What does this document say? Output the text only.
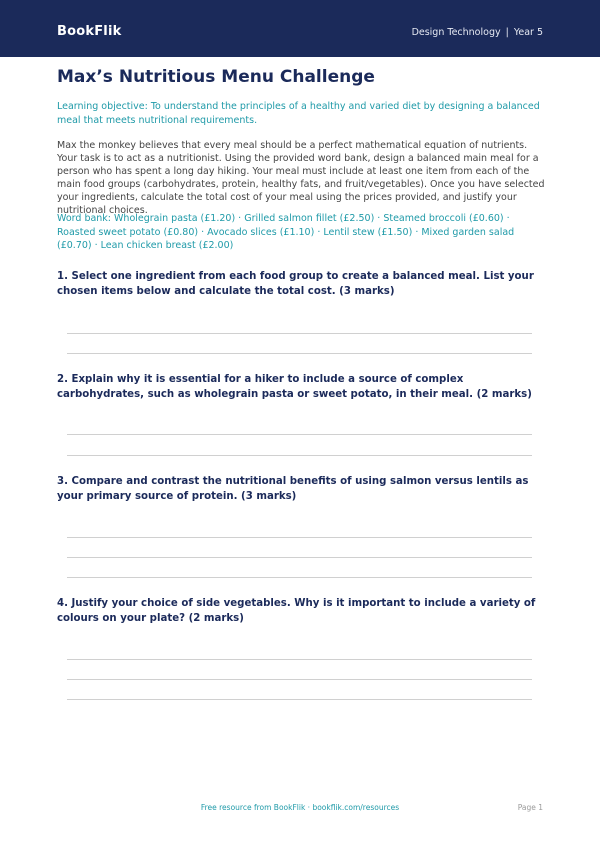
BookFlik	Design Technology | Year 5
Max’s Nutritious Menu Challenge

Learning objective: To understand the principles of a healthy and varied diet by designing a balanced meal that meets nutritional requirements.

Max the monkey believes that every meal should be a perfect mathematical equation of nutrients. Your task is to act as a nutritionist. Using the provided word bank, design a balanced main meal for a person who has spent a long day hiking. Your meal must include at least one item from each of the main food groups (carbohydrates, protein, healthy fats, and fruit/vegetables). Once you have selected your ingredients, calculate the total cost of your meal using the prices provided, and justify your nutritional choices.

Word bank: Wholegrain pasta (£1.20) · Grilled salmon fillet (£2.50) · Steamed broccoli (£0.60) · Roasted sweet potato (£0.80) · Avocado slices (£1.10) · Lentil stew (£1.50) · Mixed garden salad (£0.70) · Lean chicken breast (£2.00)

1. Select one ingredient from each food group to create a balanced meal. List your chosen items below and calculate the total cost. (3 marks)

2. Explain why it is essential for a hiker to include a source of complex carbohydrates, such as wholegrain pasta or sweet potato, in their meal. (2 marks)

3. Compare and contrast the nutritional benefits of using salmon versus lentils as your primary source of protein. (3 marks)

4. Justify your choice of side vegetables. Why is it important to include a variety of colours on your plate? (2 marks)

Free resource from BookFlik · bookflik.com/resources	Page 1
